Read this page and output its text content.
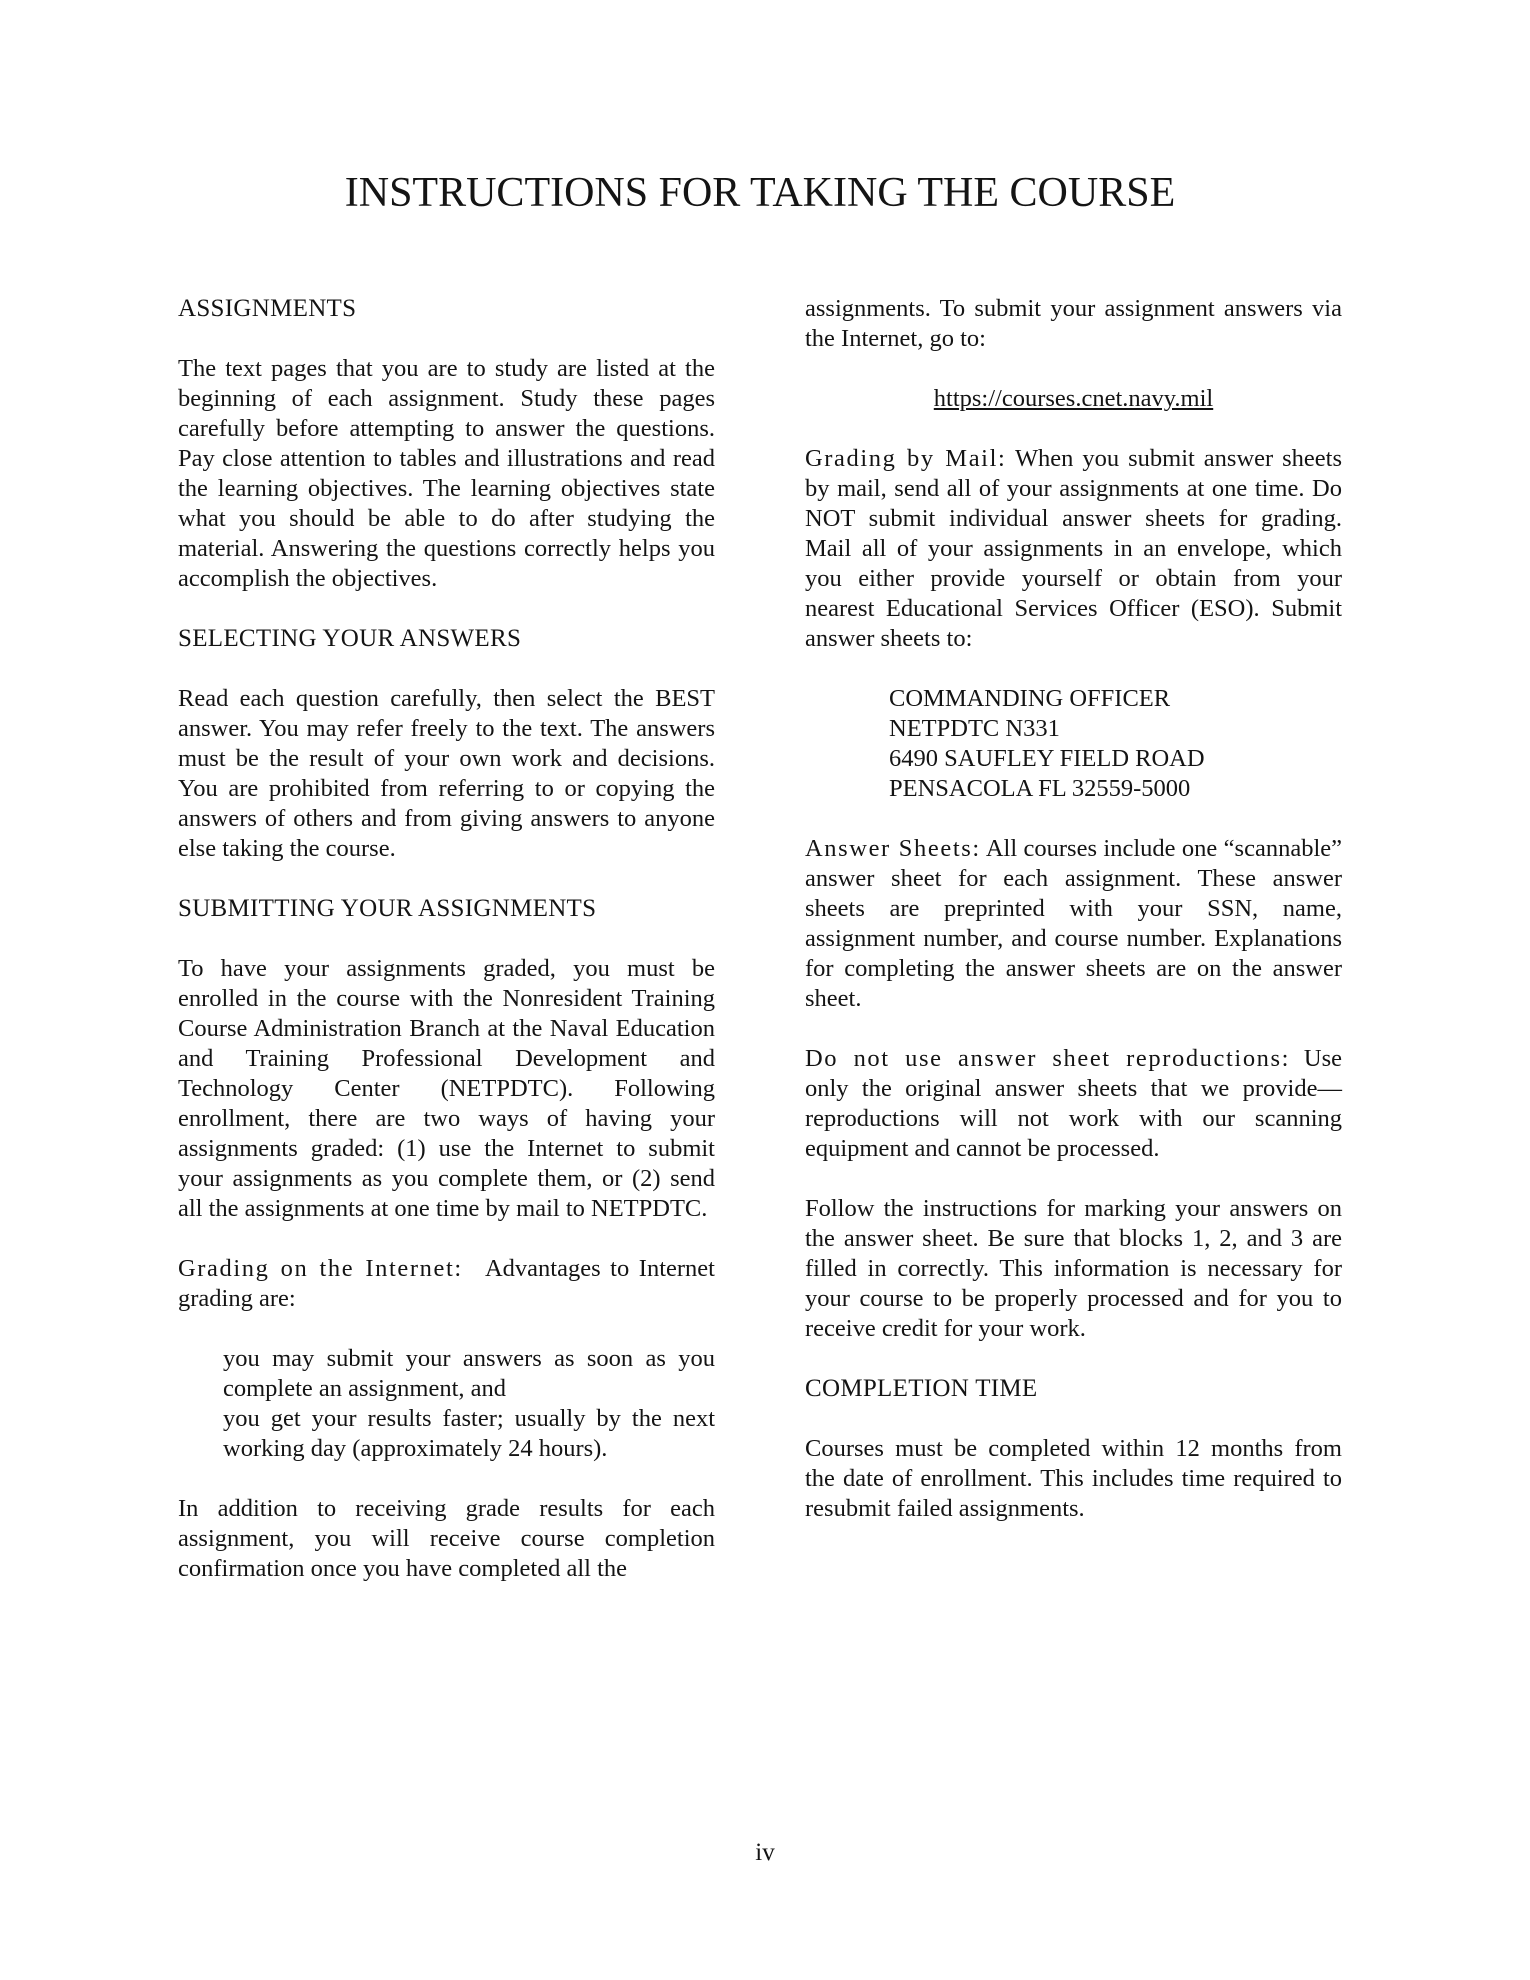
INSTRUCTIONS FOR TAKING THE COURSE
ASSIGNMENTS

The text pages that you are to study are listed at the beginning of each assignment. Study these pages carefully before attempting to answer the questions. Pay close attention to tables and illustrations and read the learning objectives. The learning objectives state what you should be able to do after studying the material. Answering the questions correctly helps you accomplish the objectives.

SELECTING YOUR ANSWERS

Read each question carefully, then select the BEST answer. You may refer freely to the text. The answers must be the result of your own work and decisions. You are prohibited from referring to or copying the answers of others and from giving answers to anyone else taking the course.

SUBMITTING YOUR ASSIGNMENTS

To have your assignments graded, you must be enrolled in the course with the Nonresident Training Course Administration Branch at the Naval Education and Training Professional Development and Technology Center (NETPDTC). Following enrollment, there are two ways of having your assignments graded: (1) use the Internet to submit your assignments as you complete them, or (2) send all the assignments at one time by mail to NETPDTC.

Grading on the Internet: Advantages to Internet grading are:

you may submit your answers as soon as you complete an assignment, and

you get your results faster; usually by the next working day (approximately 24 hours).

In addition to receiving grade results for each assignment, you will receive course completion confirmation once you have completed all the

assignments. To submit your assignment answers via the Internet, go to:

https://courses.cnet.navy.mil

Grading by Mail: When you submit answer sheets by mail, send all of your assignments at one time. Do NOT submit individual answer sheets for grading. Mail all of your assignments in an envelope, which you either provide yourself or obtain from your nearest Educational Services Officer (ESO). Submit answer sheets to:

COMMANDING OFFICER
NETPDTC N331
6490 SAUFLEY FIELD ROAD
PENSACOLA FL 32559-5000

Answer Sheets: All courses include one “scannable” answer sheet for each assignment. These answer sheets are preprinted with your SSN, name, assignment number, and course number. Explanations for completing the answer sheets are on the answer sheet.

Do not use answer sheet reproductions: Use only the original answer sheets that we provide—reproductions will not work with our scanning equipment and cannot be processed.

Follow the instructions for marking your answers on the answer sheet. Be sure that blocks 1, 2, and 3 are filled in correctly. This information is necessary for your course to be properly processed and for you to receive credit for your work.

COMPLETION TIME

Courses must be completed within 12 months from the date of enrollment. This includes time required to resubmit failed assignments.

iv
